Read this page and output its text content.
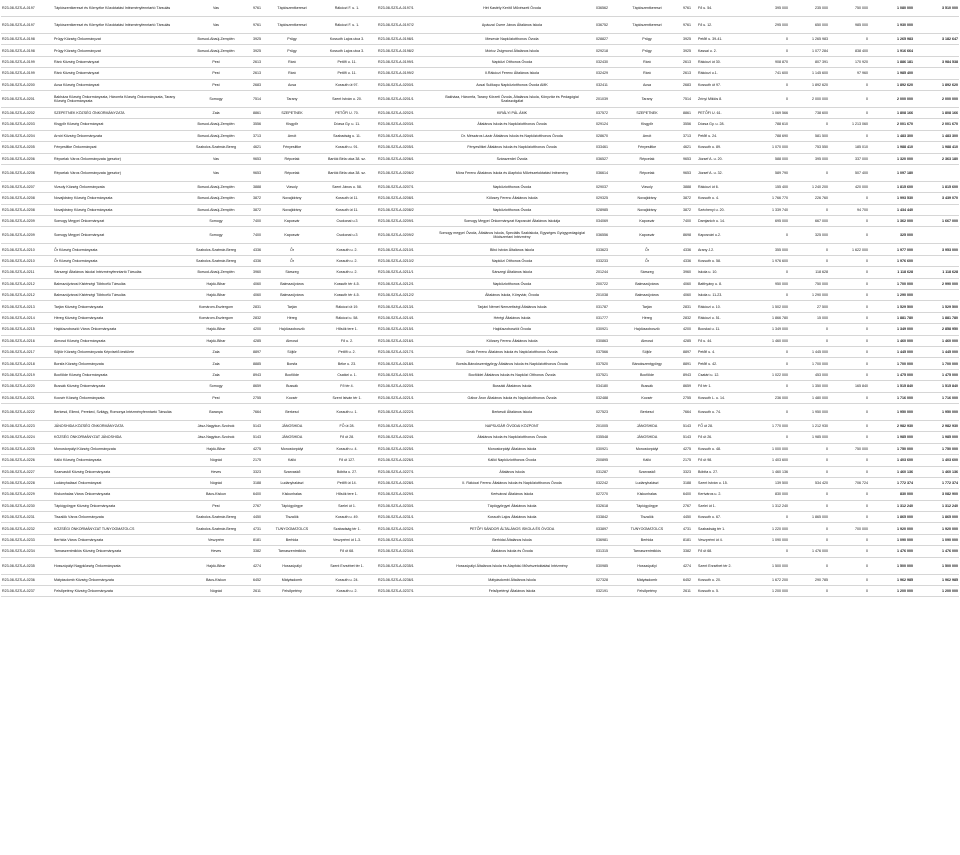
R23-08-SZS-A-0197	Tápiószentkereszt és Környéke Közoktatási Intézményfenntartó Társulás	Vas	9761	Tápiószentkereszt	Rákóczi F. u. 1.	R23-08-SZS-A-0197/1	Hét Kastély Kerítő Művészeti Óvoda	036562	Tápiószentkereszt	9761	Fő u. 54.	395 000	235 000	750 000	1 080 000	3 510 000
R23-08-SZS-A-0197	Tápiószentkereszt és Környéke Közoktatási Intézményfenntartó Társulás	Vas	9761	Tápiószentkereszt	Rákóczi F. u. 1.	R23-08-SZS-A-0197/2	Apáczai Csere János Általános Iskola	036752	Tápiószentkereszt	9761	Fő u. 12.	295 000	650 000	985 000	1 930 000	
R23-08-SZS-A-0198	Prügy Község Önkormányzat	Borsod-Abaúj-Zemplén	3925	Prügy	Kossuth Lajos utca 3.	R23-08-SZS-A-0198/1	Mesevár Napköziotthonos Óvoda	028827	Prügy	3925	Petőfi u. 39-41.	0	1 265 983	0	1 265 983	3 182 647
R23-08-SZS-A-0198	Prügy Község Önkormányzat	Borsod-Abaúj-Zemplén	3925	Prügy	Kossuth Lajos utca 3.	R23-08-SZS-A-0198/2	Móricz Zsigmond Általános Iskola	029218	Prügy	3925	Kassai u. 2.	0	1 077 284	838 400	1 916 664	
R23-08-SZS-A-0199	Ráró Község Önkormányzat	Pest	2613	Ráró	Petőfi u. 11.	R23-08-SZS-A-0199/1	Napközi Otthonos Óvoda	032430	Ráró	2613	Rákóczi út 30.	908 870	807 391	170 920	1 886 181	3 984 538
R23-08-SZS-A-0199	Ráró Község Önkormányzat	Pest	2613	Ráró	Petőfi u. 11.	R23-08-SZS-A-0199/2	II.Rákóczi Ferenc Általános Iskola	032429	Ráró	2613	Rákóczi u.1.	741 600	1 145 600	97 960	1 985 400	
R23-08-SZS-A-0200	Acsa Község Önkormányzat	Pest	2683	Acsa	Kossuth út 97.	R23-08-SZS-A-0200/1	Acsai Sulikapu Napköziotthonos Óvoda AMK	032411	Acsa	2683	Kossuth út 97.	0	1 892 620	0	1 892 620	1 892 620
R23-08-SZS-A-0201	Bakháza Község Önkormányzata, Háromfa Község Önkormányzata, Tarany Község Önkormányzata	Somogy	7514	Tarany	Szent István u. 20.	R23-08-SZS-A-0201/1	Bakháza, Háromfa, Tarany Körzeti Óvoda, Általános Iskola, Könyvtár és Pedagógiai Szakszolgálat	201039	Tarany	7514	Zrínyi Miklós 8.	0	2 000 000	0	2 000 000	2 000 000
R23-08-SZS-A-0202	SZEPETNEK KÖZSÉG ÖNKORMÁNYZATA	Zala	8861	SZEPETNEK	PETŐFI U. 70.	R23-08-SZS-A-0202/1	KIRÁLYI PÁL ÁMK	037572	SZEPETNEK	8861	PETŐFI U. 61.	1 069 566	738 600	0	1 808 166	1 808 166
R23-08-SZS-A-0203	Kisgyőr Község Önkormányzat	Borsod-Abaúj-Zemplén	3556	Kisgyőr	Dózsa Gy. u. 11.	R23-08-SZS-A-0203/1	Általános Iskola és Napköziotthonos Óvoda	029124	Kisgyőr	3556	Dózsa Gy. u. 28.	788 610	0	1 213 060	2 001 670	2 001 670
R23-08-SZS-A-0204	Arnót Község Önkormányzata	Borsod-Abaúj-Zemplén	3713	Arnót	Szabadság u. 11.	R23-08-SZS-A-0204/1	Dr. Mészáros Lázár Általános Iskola és Napköziotthonos Óvoda	028670	Arnót	3713	Petőfi u. 24.	788 690	581 500	0	1 483 300	1 483 300
R23-08-SZS-A-0205	Fényeslitke Önkormányzat	Szabolcs-Szatmár-Bereg	4621	Fényeslitke	Kossuth u. 91.	R23-08-SZS-A-0205/1	Fényeslitkei Általános Iskola és Napköziotthonos Óvoda	033461	Fényeslitke	4621	Kossuth u. 89.	1 070 000	753 550	185 010	1 988 410	1 988 410
R23-08-SZS-A-0206	Répcelak Város Önkormányzata (gesztor)	Vas	9653	Répcelak	Bartók Béla utca 38. sz.	R23-08-SZS-A-0206/1	Szárazerdei Óvoda	036527	Répcelak	9653	József A. u. 20.	588 000	395 000	337 000	1 320 000	2 363 180
R23-08-SZS-A-0206	Répcelak Város Önkormányzata (gesztor)	Vas	9653	Répcelak	Bartók Béla utca 38. sz.	R23-08-SZS-A-0206/2	Móra Ferenc Általános Iskola és Alapfokú Művészetoktatási Intézmény	036614	Répcelak	9653	József A. u. 32.	589 790	0	507 400	1 097 180	
R23-08-SZS-A-0207	Vizsoly Község Önkormányzata	Borsod-Abaúj-Zemplén	3888	Vizsoly	Szent János u. 58.	R23-08-SZS-A-0207/1	Napköziotthonos Óvoda	029037	Vizsoly	3888	Rákóczi út 6.	155 400	1 240 200	420 000	1 815 600	1 815 600
R23-08-SZS-A-0208	Novajidrány Község Önkormányzata	Borsod-Abaúj-Zemplén	3872	Novajidrány	Kossuth út 11.	R23-08-SZS-A-0208/1	Kölcsey Ferenc Általános Iskola	029325	Novajidrány	3872	Kossuth u. 4.	1 766 770	226 760	0	1 993 530	3 439 070
R23-08-SZS-A-0208	Novajidrány Község Önkormányzata	Borsod-Abaúj-Zemplén	3872	Novajidrány	Kossuth út 11.	R23-08-SZS-A-0208/2	Napköziotthonos Óvoda	028985	Novajidrány	3872	Széchenyi u. 20.	1 339 740	0	94 700	1 434 440	
R23-08-SZS-A-0209	Somogy Megyei Önkormányzat	Somogy	7400	Kaposvár	Csokonai u.3	R23-08-SZS-A-0209/1	Somogy Megyei Önkormányzat Kaposvári Általános Iskolája	034069	Kaposvár	7400	Damjanich u. 14.	695 000	667 000	0	1 362 000	1 667 000
R23-08-SZS-A-0209	Somogy Megyei Önkormányzat	Somogy	7400	Kaposvár	Csokonai u.3	R23-08-SZS-A-0209/2	Somogy megyei Óvoda, Általános Iskola, Speciális Szakiskola, Egységes Gyógypedagógiai Módszertani Intézmény	036556	Kaposvár	8698	Kaposvári u.2.	0	325 000	0	325 000	
R23-08-SZS-A-0210	Őr Község Önkormányzata	Szabolcs-Szatmár-Bereg	4336	Őr	Kossuth u. 2.	R23-08-SZS-A-0210/1	Bibó István Általános Iskola	033623	Őr	4336	Arany J.2.	355 000	0	1 622 000	1 977 000	3 953 000
R23-08-SZS-A-0210	Őr Község Önkormányzata	Szabolcs-Szatmár-Bereg	4336	Őr	Kossuth u. 2.	R23-08-SZS-A-0210/2	Napközi Otthonos Óvoda	033233	Őr	4336	Kossuth u. 58.	1 976 600	0	0	1 976 600	
R23-08-SZS-A-0211	Sárszegi Általános Iskolai Intézményfenntartó Társulás	Borsod-Abaúj-Zemplén	3960	Sárszeg	Kossuth u. 2.	R23-08-SZS-A-0211/1	Sárszegi Általános Iskola	201244	Sárszeg	3960	Iskola u. 10.	0	118 628	0	1 118 628	1 118 628
R23-08-SZS-A-0212	Balmazújvárosi Kistérségi Többcélú Társulás	Hajdú-Bihar	4060	Balmazújváros	Kossuth tér 4-5.	R23-08-SZS-A-0212/1	Napköziotthonos Óvoda	200722	Balmazújváros	4060	Batthyány u. 8.	950 000	750 000	0	1 700 000	2 990 000
R23-08-SZS-A-0212	Balmazújvárosi Kistérségi Többcélú Társulás	Hajdú-Bihar	4060	Balmazújváros	Kossuth tér 4-5.	R23-08-SZS-A-0212/2	Általános Iskola, Könyvtár, Óvoda	201038	Balmazújváros	4060	Iskola u. 11-23.	0	1 290 000	0	1 290 000	
R23-08-SZS-A-0213	Tarján Község Önkormányzata	Komárom-Esztergom	2831	Tarján	Rákóczi út 19.	R23-08-SZS-A-0213/1	Tarjáni Német Nemzetiségi Általános Iskola	031787	Tarján	2831	Rákóczi u. 10.	1 502 000	27 500	0	1 529 500	1 529 500
R23-08-SZS-A-0214	Héreg Község Önkormányzata	Komárom-Esztergom	2832	Héreg	Rákóczi u. 58.	R23-08-SZS-A-0214/1	Hérégi Általános Iskola	031777	Héreg	2832	Rákóczi u. 51.	1 866 780	15 000	0	1 881 780	1 881 780
R23-08-SZS-A-0215	Hajdúszoboszló Város Önkormányzata	Hajdú-Bihar	4200	Hajdúszoboszló	Hősök tere 1.	R23-08-SZS-A-0215/1	Hajdúszoboszlói Óvoda	030921	Hajdúszoboszló	4200	Bocskai u. 11.	1 349 000	0	0	1 349 000	2 858 950
R23-08-SZS-A-0216	Almosd Község Önkormányzata	Hajdú-Bihar	4285	Almosd	Fő u. 2.	R23-08-SZS-A-0216/1	Kölcsey Ferenc Általános Iskola	030863	Almosd	4285	Fő u. 44.	1 460 000	0	0	1 460 000	1 460 000
R23-08-SZS-A-0217	Söjtör Község Önkormányzata Képviselő-testülete	Zala	8897	Söjtör	Petőfi u. 2.	R23-08-SZS-A-0217/1	Deák Ferenc Általános Iskola és Napköziotthonos Óvoda	037566	Söjtör	8897	Petőfi u. 4.	0	1 445 000	0	1 445 000	1 445 000
R23-08-SZS-A-0218	Borsfa Község Önkormányzata	Zala	8885	Borsfa	Béke u. 23.	R23-08-SZS-A-0218/1	Borsfa-Bánokszentgyörgy Általános Iskola és Napköziotthonos Óvoda	037520	Bánokszentgyörgy	8891	Petőfi u. 42.	0	1 700 000	0	1 700 000	1 700 000
R23-08-SZS-A-0219	Bocfölde Község Önkormányzata	Zala	8943	Bocfölde	Csatári u. 1.	R23-08-SZS-A-0219/1	Bocföldei Általános Iskola és Napközi Otthonos Óvoda	037521	Bocfölde	8943	Csatári u. 12.	1 022 000	453 000	0	1 475 000	1 475 000
R23-08-SZS-A-0220	Bussák Község Önkormányzata	Somogy	8659	Bussák	Fő tér 4.	R23-08-SZS-A-0220/1	Bussáki Általános Iskola	034180	Bussák	8659	Fő tér 1.	0	1 350 000	165 840	1 515 840	1 515 840
R23-08-SZS-A-0221	Kocsér Község Önkormányzata	Pest	2755	Kocsér	Szent István tér 1.	R23-08-SZS-A-0221/1	Gábor Áron Általános Iskola és Napköziotthonos Óvoda	032488	Kocsér	2755	Kossuth L. u. 14.	236 000	1 480 000	0	1 716 000	1 716 000
R23-08-SZS-A-0222	Berkesd, Ellend, Pereked, Szilágy, Romonya Intézményfenntartó Társulás	Baranya	7664	Berkesd	Kossuth u. 1.	R23-08-SZS-A-0222/1	Berkesdi Általános Iskola	027523	Berkesd	7664	Kossuth u. 74.	0	1 950 000	0	1 950 000	1 950 000
R23-08-SZS-A-0223	JÁNOSHIDA KÖZSÉG ÖNKORMÁNYZATA	Jász-Nagykun-Szolnok	5143	JÁNOSHIDA	FŐ út 28.	R23-08-SZS-A-0223/1	NAPSUGÁR ÓVODAI KÖZPONT	201005	JÁNOSHIDA	5143	FŐ út 28.	1 770 000	1 212 930	0	2 982 930	2 982 930
R23-08-SZS-A-0224	KÖZSÉG ÖNKORMÁNYZAT JÁNOSHIDA	Jász-Nagykun-Szolnok	5143	JÁNOSHIDA	Fő út 28.	R23-08-SZS-A-0224/1	Általános Iskola és Napköziotthonos Óvoda	035548	JÁNOSHIDA	5143	Fő út 26.	0	1 985 000	0	1 985 000	1 985 000
R23-08-SZS-A-0225	Monostorpályi Község Önkormányzata	Hajdú-Bihar	4275	Monostorpályi	Kossuth u. 4.	R23-08-SZS-A-0225/1	Monostorpályi Általános Iskola	030921	Monostorpályi	4275	Kossuth u. 48.	1 000 000	0	750 000	1 750 000	1 750 000
R23-08-SZS-A-0226	Kálló Község Önkormányzata	Nógrád	2175	Kálló	Fő út 127.	R23-08-SZS-A-0226/1	Kállói Napköziotthonos Óvoda	200895	Kálló	2175	Fő út 98.	1 403 600	0	0	1 403 600	1 403 600
R23-08-SZS-A-0227	Szarvaskő Község Önkormányzata	Heves	3323	Szarvaskő	Bóbita u. 27.	R23-08-SZS-A-0227/1	Általános Iskola	031287	Szarvaskő	3323	Bóbita u. 27.	1 460 136	0	0	1 460 136	1 460 136
R23-08-SZS-A-0228	Ludányhalászi Önkormányzat	Nógrád	3188	Ludányhalászi	Petőfi út 14.	R23-08-SZS-A-0228/1	II. Rákóczi Ferenc Általános Iskola és Napköziotthonos Óvoda	032242	Ludányhalászi	3188	Szent István u. 15.	139 500	534 420	706 724	1 772 374	1 772 374
R23-08-SZS-A-0229	Kiskunhalas Város Önkormányzata	Bács-Kiskun	6400	Kiskunhalas	Hősök tere 1.	R23-08-SZS-A-0229/1	Kertvárosi Általános Iskola	027270	Kiskunhalas	6400	Kertváros u. 2.	830 000	0	0	830 000	3 082 900
R23-08-SZS-A-0230	Tápiógyörgye Község Önkormányzata	Pest	2767	Tápiógyörgye	Szelei út 1.	R23-08-SZS-A-0230/1	Tápiógyörgyei Általános Iskola	032618	Tápiógyörgye	2767	Szelei út 1.	1 312 240	0	0	1 312 240	1 312 240
R23-08-SZS-A-0231	Tiszalök Város Önkormányzata	Szabolcs-Szatmár-Bereg	4450	Tiszalök	Kossuth u. 49.	R23-08-SZS-A-0231/1	Kossuth Lajos Általános Iskola	033842	Tiszalök	4450	Kossuth u. 67.	0	1 865 000	0	1 865 000	1 865 000
R23-08-SZS-A-0232	KÖZSÉGI ÖNKORMÁNYZAT TUNYOGMATOLCS	Szabolcs-Szatmár-Bereg	4731	TUNYOGMATOLCS	Szabadság tér 1.	R23-08-SZS-A-0232/1	PETŐFI SÁNDOR ÁLTALÁNOS ISKOLA ÉS ÓVODA	033897	TUNYOGMATOLCS	4731	Szabadság tér 1.	1 220 000	0	700 000	1 920 000	1 920 000
R23-08-SZS-A-0233	Berhida Város Önkormányzata	Veszprém	8181	Berhida	Veszprémi út 1-3.	R23-08-SZS-A-0233/1	Berhidai Általános Iskola	036981	Berhida	8181	Veszprémi út 4.	1 090 000	0	0	1 090 000	1 090 000
R23-08-SZS-A-0234	Tarnaszentmiklós Község Önkormányzata	Heves	3382	Tarnaszentmiklós	Fő út 68.	R23-08-SZS-A-0234/1	Általános Iskola és Óvoda	031315	Tarnaszentmiklós	3382	Fő út 68.	0	1 476 000	0	1 476 000	1 476 000
R23-08-SZS-A-0235	Hosszúpályi Nagyközség Önkormányzata	Hajdú-Bihar	4274	Hosszúpályi	Szent Erzsébet tér 1.	R23-08-SZS-A-0235/1	Hosszúpályi Általános Iskola és Alapfokú Művészetoktatási Intézmény	030985	Hosszúpályi	4274	Szent Erzsébet tér 2.	1 500 000	0	0	1 500 000	1 500 000
R23-08-SZS-A-0236	Mátyásdomb Község Önkormányzata	Bács-Kiskun	6452	Mátyásdomb	Kossuth u. 24.	R23-08-SZS-A-0236/1	Mátyásdombi Általános Iskola	027328	Mátyásdomb	6452	Kossuth u. 20.	1 672 200	290 785	0	1 962 985	1 962 985
R23-08-SZS-A-0237	Felsőpetény Község Önkormányzata	Nógrád	2611	Felsőpetény	Kossuth u. 2.	R23-08-SZS-A-0237/1	Felsőpetényi Általános Iskola	032191	Felsőpetény	2611	Kossuth u. 5.	1 200 000	0	0	1 200 000	1 200 000
